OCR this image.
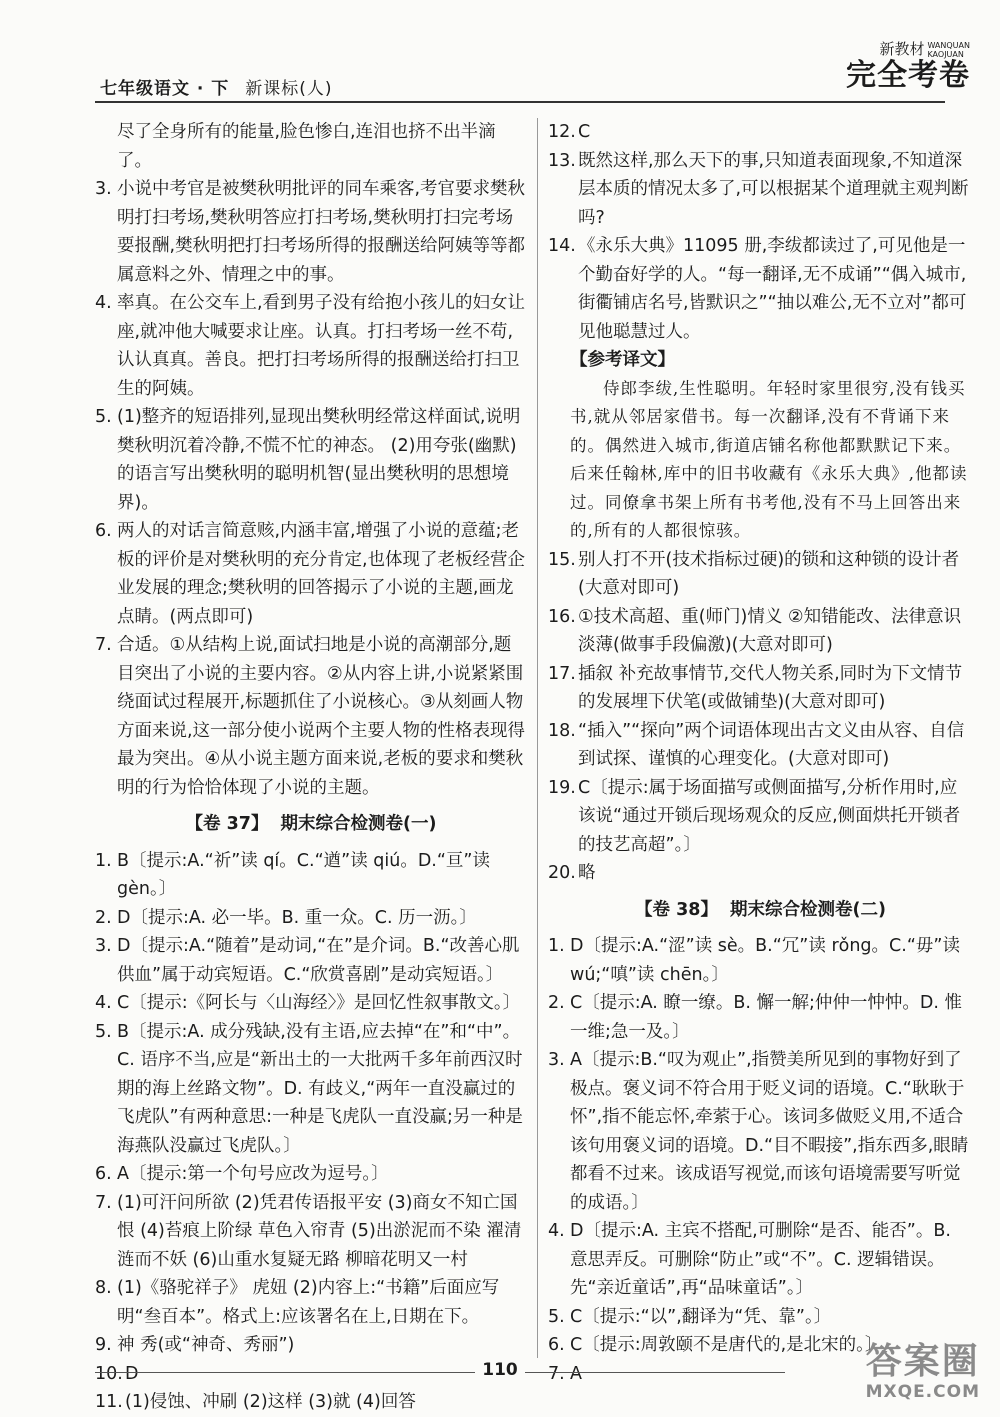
七年级语文 · 下 新课标(人)
新教材 WANQUAN
KAOJUAN
完全考卷
尽了全身所有的能量,脸色惨白,连泪也挤不出半滴了。
3. 小说中考官是被樊秋明批评的同车乘客,考官要求樊秋明打扫考场,樊秋明答应打扫考场,樊秋明打扫完考场要报酬,樊秋明把打扫考场所得的报酬送给阿姨等等都属意料之外、情理之中的事。
4. 率真。在公交车上,看到男子没有给抱小孩儿的妇女让座,就冲他大喊要求让座。认真。打扫考场一丝不苟,认认真真。善良。把打扫考场所得的报酬送给打扫卫生的阿姨。
5. (1)整齐的短语排列,显现出樊秋明经常这样面试,说明樊秋明沉着冷静,不慌不忙的神态。 (2)用夸张(幽默)的语言写出樊秋明的聪明机智(显出樊秋明的思想境界)。
6. 两人的对话言简意赅,内涵丰富,增强了小说的意蕴;老板的评价是对樊秋明的充分肯定,也体现了老板经营企业发展的理念;樊秋明的回答揭示了小说的主题,画龙点睛。(两点即可)
7. 合适。①从结构上说,面试扫地是小说的高潮部分,题目突出了小说的主要内容。②从内容上讲,小说紧紧围绕面试过程展开,标题抓住了小说核心。③从刻画人物方面来说,这一部分使小说两个主要人物的性格表现得最为突出。④从小说主题方面来说,老板的要求和樊秋明的行为恰恰体现了小说的主题。
【卷 37】 期末综合检测卷(一)
1. B〔提示:A.“祈”读 qí。C.“遒”读 qiú。D.“亘”读 gèn。〕
2. D〔提示:A. 必一毕。B. 重一众。C. 历一沥。〕
3. D〔提示:A.“随着”是动词,“在”是介词。B.“改善心肌供血”属于动宾短语。C.“欣赏喜剧”是动宾短语。〕
4. C〔提示:《阿长与〈山海经〉》是回忆性叙事散文。〕
5. B〔提示:A. 成分残缺,没有主语,应去掉“在”和“中”。C. 语序不当,应是“新出土的一大批两千多年前西汉时期的海上丝路文物”。D. 有歧义,“两年一直没赢过的飞虎队”有两种意思:一种是飞虎队一直没赢;另一种是海燕队没赢过飞虎队。〕
6. A〔提示:第一个句号应改为逗号。〕
7. (1)可汗问所欲 (2)凭君传语报平安 (3)商女不知亡国恨 (4)苔痕上阶绿 草色入帘青 (5)出淤泥而不染 濯清涟而不妖 (6)山重水复疑无路 柳暗花明又一村
8. (1)《骆驼祥子》 虎妞 (2)内容上:“书籍”后面应写明“叁百本”。格式上:应该署名在上,日期在下。
9. 神 秀(或“神奇、秀丽”)
10. D
11. (1)侵蚀、冲刷 (2)这样 (3)就 (4)回答
12. C
13. 既然这样,那么天下的事,只知道表面现象,不知道深层本质的情况太多了,可以根据某个道理就主观判断吗?
14. 《永乐大典》11095 册,李绂都读过了,可见他是一个勤奋好学的人。“每一翻译,无不成诵”“偶入城市,街衢铺店名号,皆默识之”“抽以难公,无不立对”都可见他聪慧过人。
【参考译文】
侍郎李绂,生性聪明。年轻时家里很穷,没有钱买书,就从邻居家借书。每一次翻译,没有不背诵下来的。偶然进入城市,街道店铺名称他都默默记下来。后来任翰林,库中的旧书收藏有《永乐大典》,他都读过。同僚拿书架上所有书考他,没有不马上回答出来的,所有的人都很惊骇。
15. 别人打不开(技术指标过硬)的锁和这种锁的设计者(大意对即可)
16. ①技术高超、重(师门)情义 ②知错能改、法律意识淡薄(做事手段偏激)(大意对即可)
17. 插叙 补充故事情节,交代人物关系,同时为下文情节的发展埋下伏笔(或做铺垫)(大意对即可)
18. “插入”“探向”两个词语体现出古文义由从容、自信到试探、谨慎的心理变化。(大意对即可)
19. C〔提示:属于场面描写或侧面描写,分析作用时,应该说“通过开锁后现场观众的反应,侧面烘托开锁者的技艺高超”。〕
20. 略
【卷 38】 期末综合检测卷(二)
1. D〔提示:A.“涩”读 sè。B.“冗”读 rǒng。C.“毋”读 wú;“嗔”读 chēn。〕
2. C〔提示:A. 瞭一缭。B. 懈一解;仲仲一忡忡。D. 惟一维;急一及。〕
3. A〔提示:B.“叹为观止”,指赞美所见到的事物好到了极点。褒义词不符合用于贬义词的语境。C.“耿耿于怀”,指不能忘怀,牵萦于心。该词多做贬义用,不适合该句用褒义词的语境。D.“目不暇接”,指东西多,眼睛都看不过来。该成语写视觉,而该句语境需要写听觉的成语。〕
4. D〔提示:A. 主宾不搭配,可删除“是否、能否”。B. 意思弄反。可删除“防止”或“不”。C. 逻辑错误。先“亲近童话”,再“品味童话”。〕
5. C〔提示:“以”,翻译为“凭、靠”。〕
6. C〔提示:周敦颐不是唐代的,是北宋的。〕
7. A
110	答案圈
MXQE.COM
